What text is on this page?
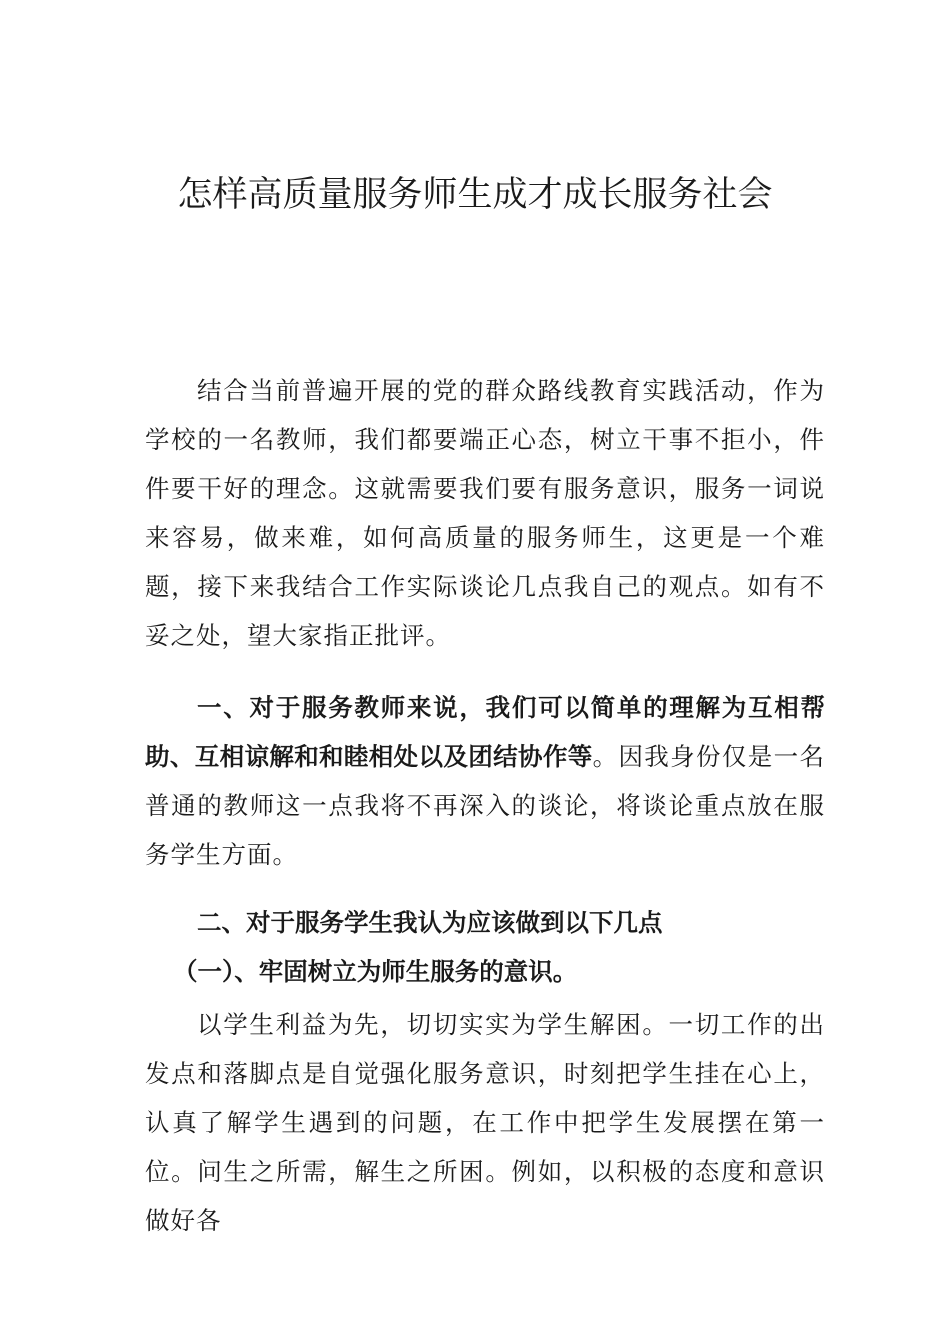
怎样高质量服务师生成才成长服务社会

结合当前普遍开展的党的群众路线教育实践活动，作为学校的一名教师，我们都要端正心态，树立干事不拒小，件件要干好的理念。这就需要我们要有服务意识，服务一词说来容易，做来难，如何高质量的服务师生，这更是一个难题，接下来我结合工作实际谈论几点我自己的观点。如有不妥之处，望大家指正批评。

一、对于服务教师来说，我们可以简单的理解为互相帮助、互相谅解和和睦相处以及团结协作等。因我身份仅是一名普通的教师这一点我将不再深入的谈论，将谈论重点放在服务学生方面。

二、对于服务学生我认为应该做到以下几点

（一）、牢固树立为师生服务的意识。

以学生利益为先，切切实实为学生解困。一切工作的出发点和落脚点是自觉强化服务意识，时刻把学生挂在心上，认真了解学生遇到的问题，在工作中把学生发展摆在第一位。问生之所需，解生之所困。例如，以积极的态度和意识做好各
